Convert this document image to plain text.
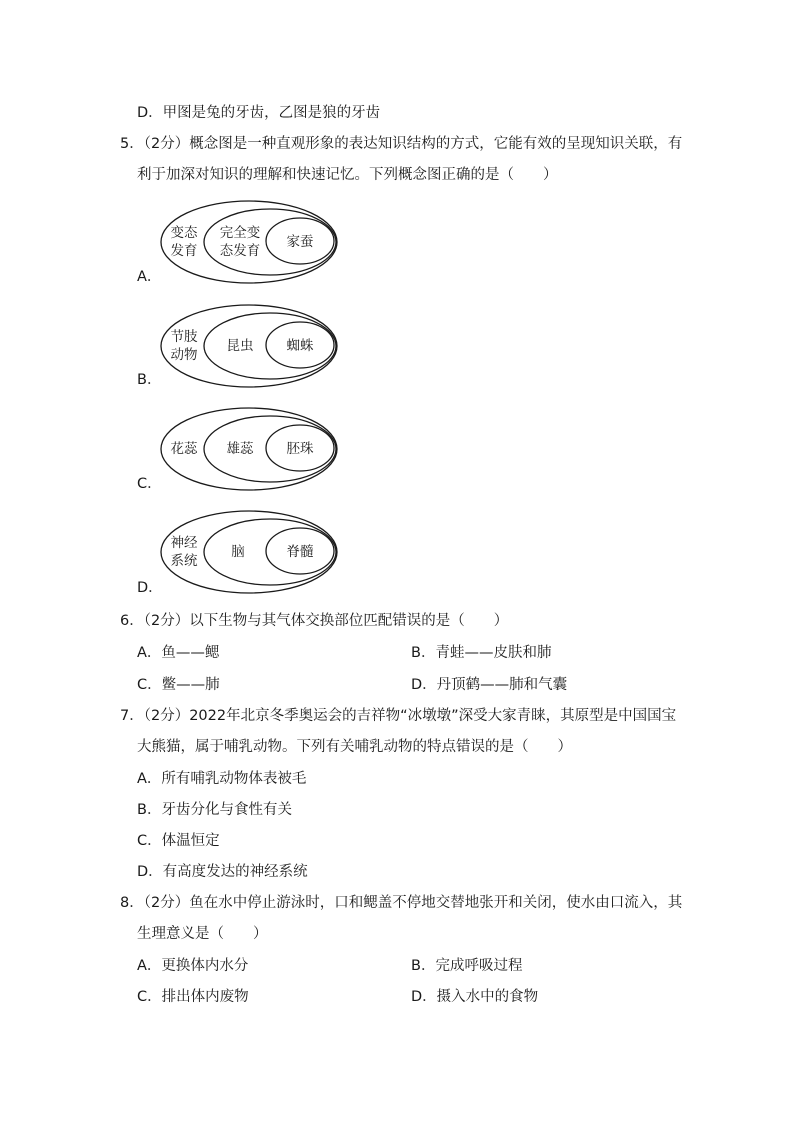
D．甲图是兔的牙齿，乙图是狼的牙齿
5．（2分）概念图是一种直观形象的表达知识结构的方式，它能有效的呈现知识关联，有
利于加深对知识的理解和快速记忆。下列概念图正确的是（　　）
变态
发育
完全变
态发育
家蚕
A．
节肢
动物
昆虫 蜘蛛
B．
花蕊 雄蕊 胚珠
C．
神经
系统
脑	脊髓
D．
6．（2分）以下生物与其气体交换部位匹配错误的是（　　）
A．鱼——鳃	B．青蛙——皮肤和肺
C．鳖——肺	D．丹顶鹤——肺和气囊
7．（2分）2022年北京冬季奥运会的吉祥物“冰墩墩”深受大家青睐，其原型是中国国宝
大熊猫，属于哺乳动物。下列有关哺乳动物的特点错误的是（　　）
A．所有哺乳动物体表被毛
B．牙齿分化与食性有关
C．体温恒定
D．有高度发达的神经系统
8．（2分）鱼在水中停止游泳时，口和鳃盖不停地交替地张开和关闭，使水由口流入，其
生理意义是（　　）
A．更换体内水分	B．完成呼吸过程
C．排出体内废物	D．摄入水中的食物
